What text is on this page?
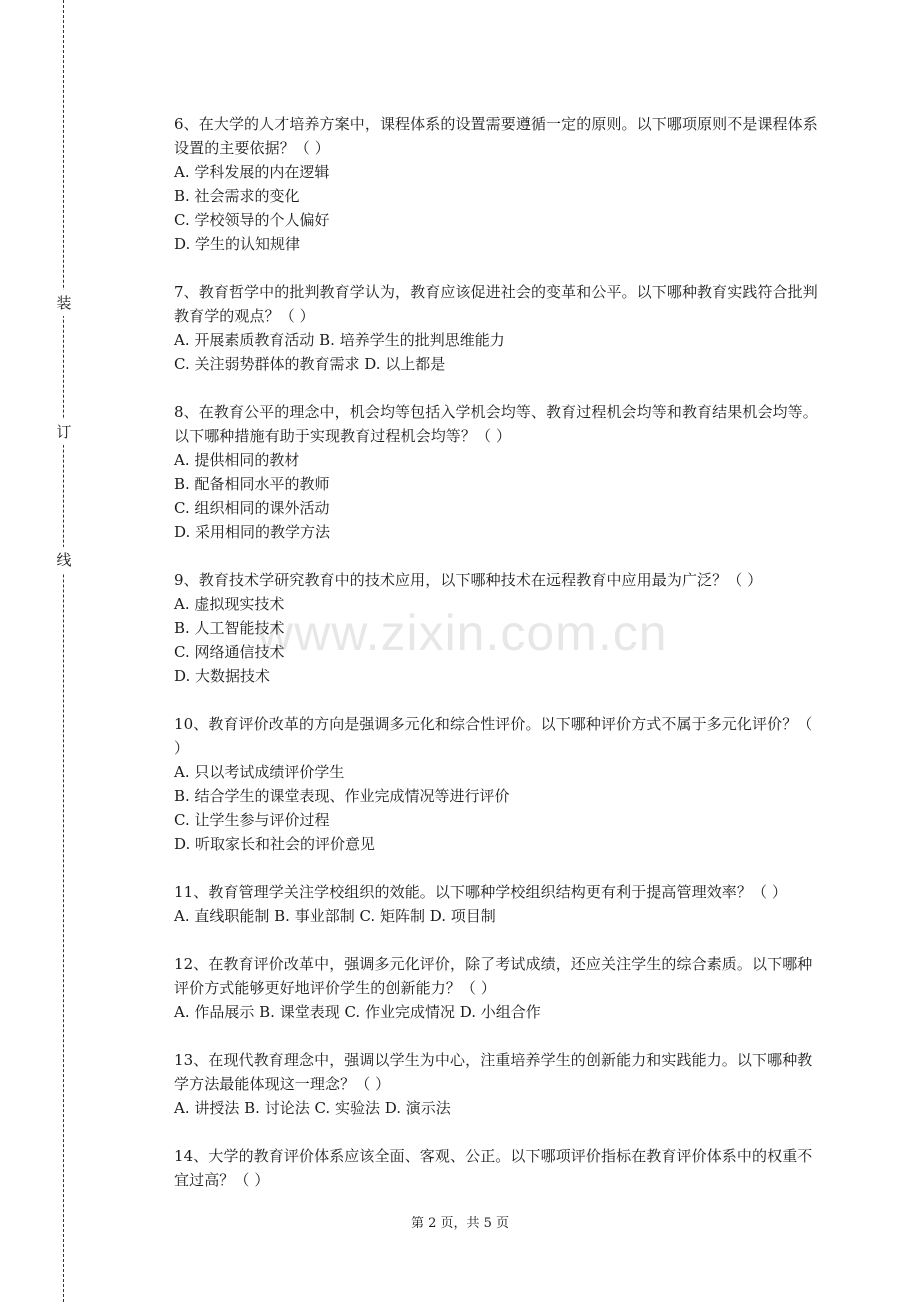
装
订
线

6、在大学的人才培养方案中，课程体系的设置需要遵循一定的原则。以下哪项原则不是课程体系设置的主要依据？（ ）

A. 学科发展的内在逻辑

B. 社会需求的变化

C. 学校领导的个人偏好

D. 学生的认知规律

7、教育哲学中的批判教育学认为，教育应该促进社会的变革和公平。以下哪种教育实践符合批判教育学的观点？（ ）

A. 开展素质教育活动 B. 培养学生的批判思维能力

C. 关注弱势群体的教育需求 D. 以上都是

8、在教育公平的理念中，机会均等包括入学机会均等、教育过程机会均等和教育结果机会均等。以下哪种措施有助于实现教育过程机会均等？（ ）

A. 提供相同的教材

B. 配备相同水平的教师

C. 组织相同的课外活动

D. 采用相同的教学方法

9、教育技术学研究教育中的技术应用，以下哪种技术在远程教育中应用最为广泛？（ ）

A. 虚拟现实技术

B. 人工智能技术

C. 网络通信技术

D. 大数据技术

10、教育评价改革的方向是强调多元化和综合性评价。以下哪种评价方式不属于多元化评价？（ ）

A. 只以考试成绩评价学生

B. 结合学生的课堂表现、作业完成情况等进行评价

C. 让学生参与评价过程

D. 听取家长和社会的评价意见

11、教育管理学关注学校组织的效能。以下哪种学校组织结构更有利于提高管理效率？（ ）

A. 直线职能制 B. 事业部制 C. 矩阵制 D. 项目制

12、在教育评价改革中，强调多元化评价，除了考试成绩，还应关注学生的综合素质。以下哪种评价方式能够更好地评价学生的创新能力？（ ）

A. 作品展示 B. 课堂表现 C. 作业完成情况 D. 小组合作

13、在现代教育理念中，强调以学生为中心，注重培养学生的创新能力和实践能力。以下哪种教学方法最能体现这一理念？（ ）

A. 讲授法 B. 讨论法 C. 实验法 D. 演示法

14、大学的教育评价体系应该全面、客观、公正。以下哪项评价指标在教育评价体系中的权重不宜过高？（ ）

www.zixin.com.cn
第 2 页，共 5 页
